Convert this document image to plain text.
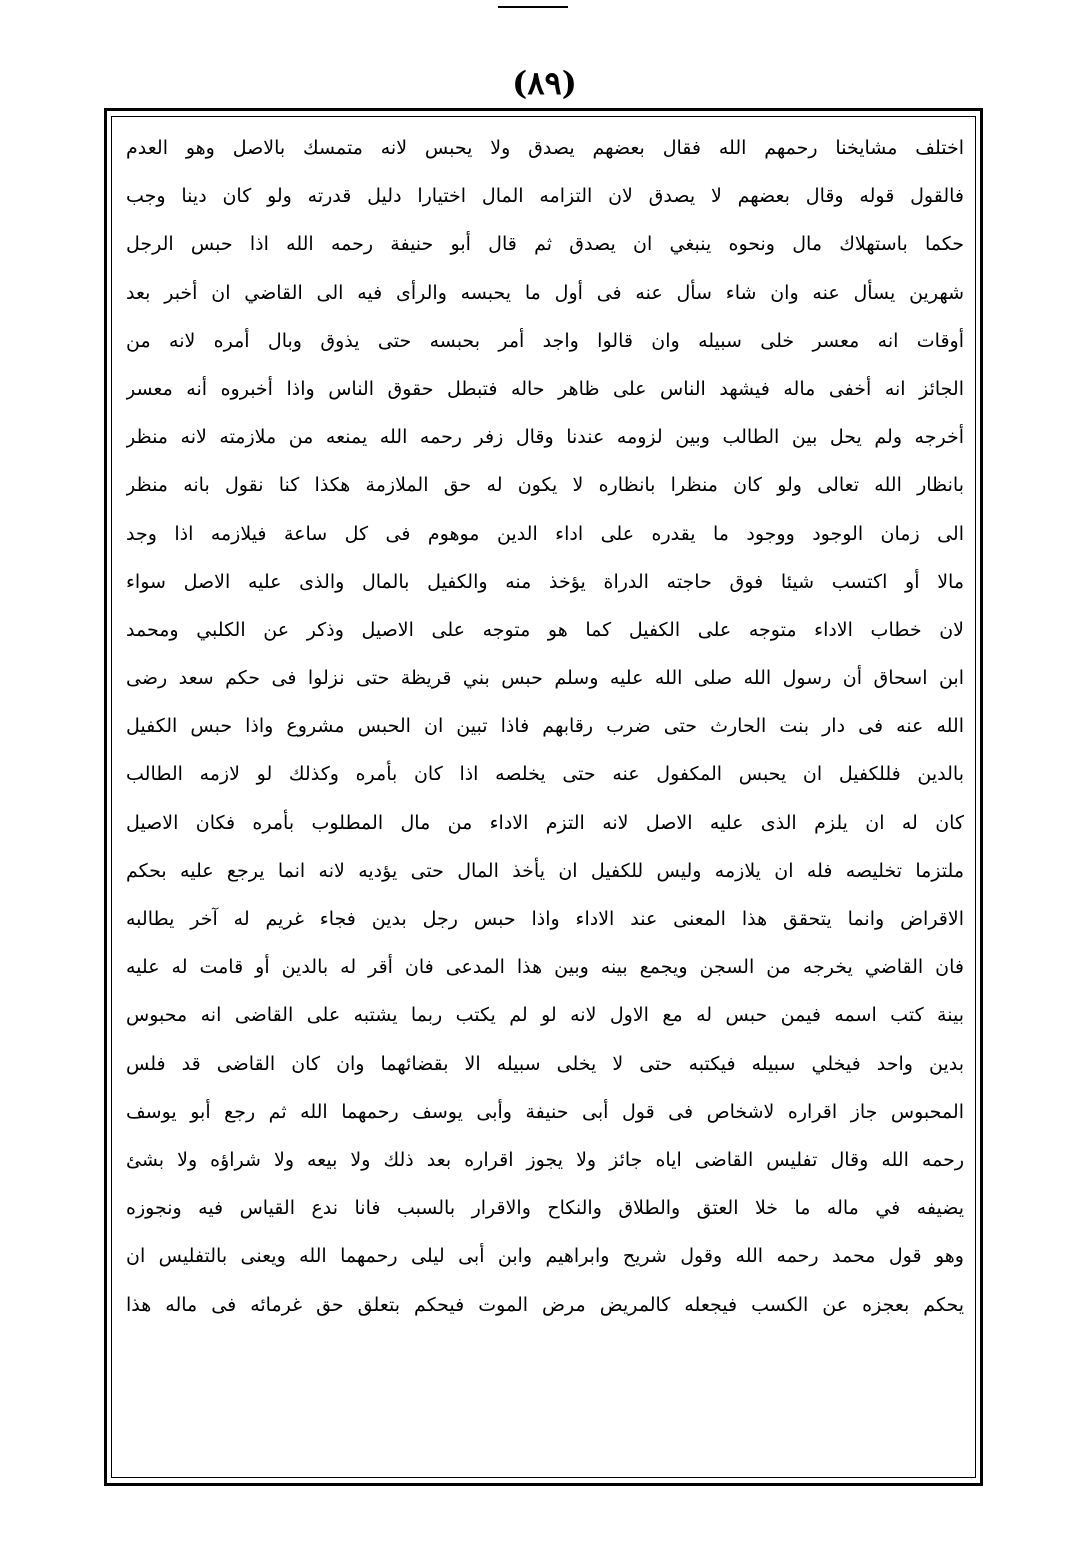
(٨٩)
اختلف مشايخنا رحمهم الله فقال بعضهم يصدق ولا يحبس لانه متمسك بالاصل وهو العدم
فالقول قوله وقال بعضهم لا يصدق لان التزامه المال اختيارا دليل قدرته ولو كان دينا وجب
حكما باستهلاك مال ونحوه ينبغي ان يصدق ثم قال أبو حنيفة رحمه الله اذا حبس الرجل
شهرين يسأل عنه وان شاء سأل عنه فى أول ما يحبسه والرأى فيه الى القاضي ان أخبر بعد
أوقات انه معسر خلى سبيله وان قالوا واجد أمر بحبسه حتى يذوق وبال أمره لانه من
الجائز انه أخفى ماله فيشهد الناس على ظاهر حاله فتبطل حقوق الناس واذا أخبروه أنه معسر
أخرجه ولم يحل بين الطالب وبين لزومه عندنا وقال زفر رحمه الله يمنعه من ملازمته لانه منظر
بانظار الله تعالى ولو كان منظرا بانظاره لا يكون له حق الملازمة هكذا كنا نقول بانه منظر
الى زمان الوجود ووجود ما يقدره على اداء الدين موهوم فى كل ساعة فيلازمه اذا وجد
مالا أو اكتسب شيئا فوق حاجته الدراة يؤخذ منه والكفيل بالمال والذى عليه الاصل سواء
لان خطاب الاداء متوجه على الكفيل كما هو متوجه على الاصيل وذكر عن الكلبي ومحمد
ابن اسحاق أن رسول الله صلى الله عليه وسلم حبس بني قريظة حتى نزلوا فى حكم سعد رضى
الله عنه فى دار بنت الحارث حتى ضرب رقابهم فاذا تبين ان الحبس مشروع واذا حبس الكفيل
بالدين فللكفيل ان يحبس المكفول عنه حتى يخلصه اذا كان بأمره وكذلك لو لازمه الطالب
كان له ان يلزم الذى عليه الاصل لانه التزم الاداء من مال المطلوب بأمره فكان الاصيل
ملتزما تخليصه فله ان يلازمه وليس للكفيل ان يأخذ المال حتى يؤديه لانه انما يرجع عليه بحكم
الاقراض وانما يتحقق هذا المعنى عند الاداء واذا حبس رجل بدين فجاء غريم له آخر يطالبه
فان القاضي يخرجه من السجن ويجمع بينه وبين هذا المدعى فان أقر له بالدين أو قامت له عليه
بينة كتب اسمه فيمن حبس له مع الاول لانه لو لم يكتب ربما يشتبه على القاضى انه محبوس
بدين واحد فيخلي سبيله فيكتبه حتى لا يخلى سبيله الا بقضائهما وان كان القاضى قد فلس
المحبوس جاز اقراره لاشخاص فى قول أبى حنيفة وأبى يوسف رحمهما الله ثم رجع أبو يوسف
رحمه الله وقال تفليس القاضى اياه جائز ولا يجوز اقراره بعد ذلك ولا بيعه ولا شراؤه ولا بشئ
يضيفه في ماله ما خلا العتق والطلاق والنكاح والاقرار بالسبب فانا ندع القياس فيه ونجوزه
وهو قول محمد رحمه الله وقول شريح وابراهيم وابن أبى ليلى رحمهما الله ويعنى بالتفليس ان
يحكم بعجزه عن الكسب فيجعله كالمريض مرض الموت فيحكم بتعلق حق غرمائه فى ماله هذا
